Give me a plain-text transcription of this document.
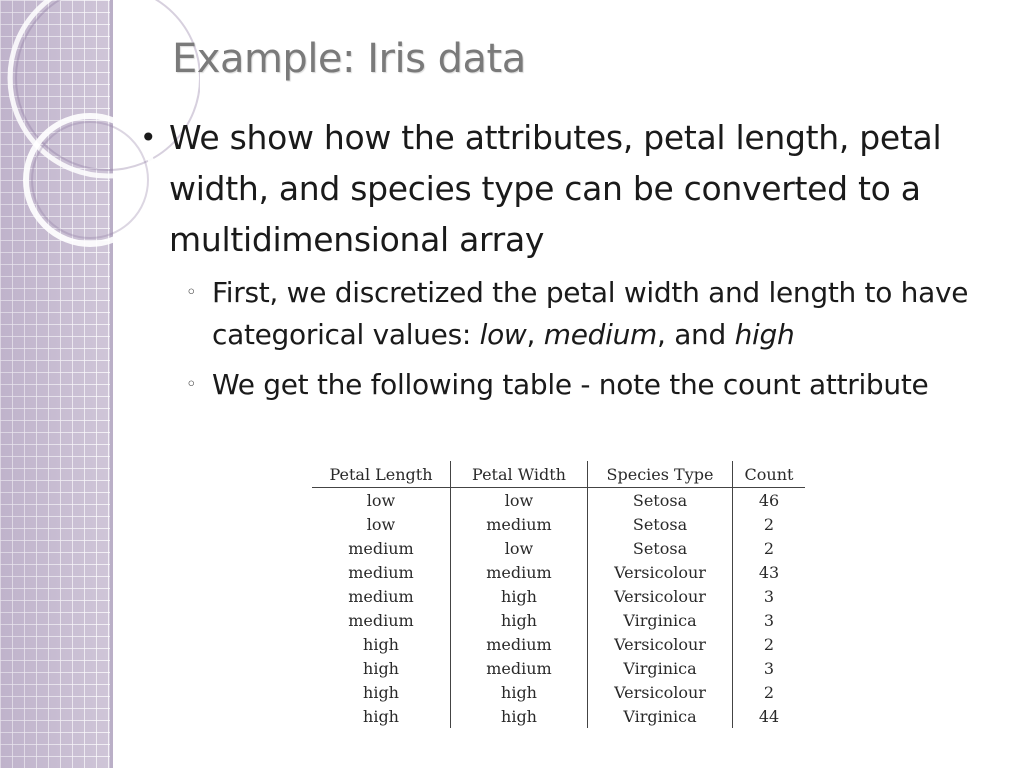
Example: Iris data
• We show how the attributes, petal length, petal width, and species type can be converted to a multidimensional array
◦ First, we discretized the petal width and length to have categorical values: low, medium, and high
◦ We get the following table - note the count attribute
Petal Length	Petal Width	Species Type	Count
low	low	Setosa	46
low	medium	Setosa	2
medium	low	Setosa	2
medium	medium	Versicolour	43
medium	high	Versicolour	3
medium	high	Virginica	3
high	medium	Versicolour	2
high	medium	Virginica	3
high	high	Versicolour	2
high	high	Virginica	44
